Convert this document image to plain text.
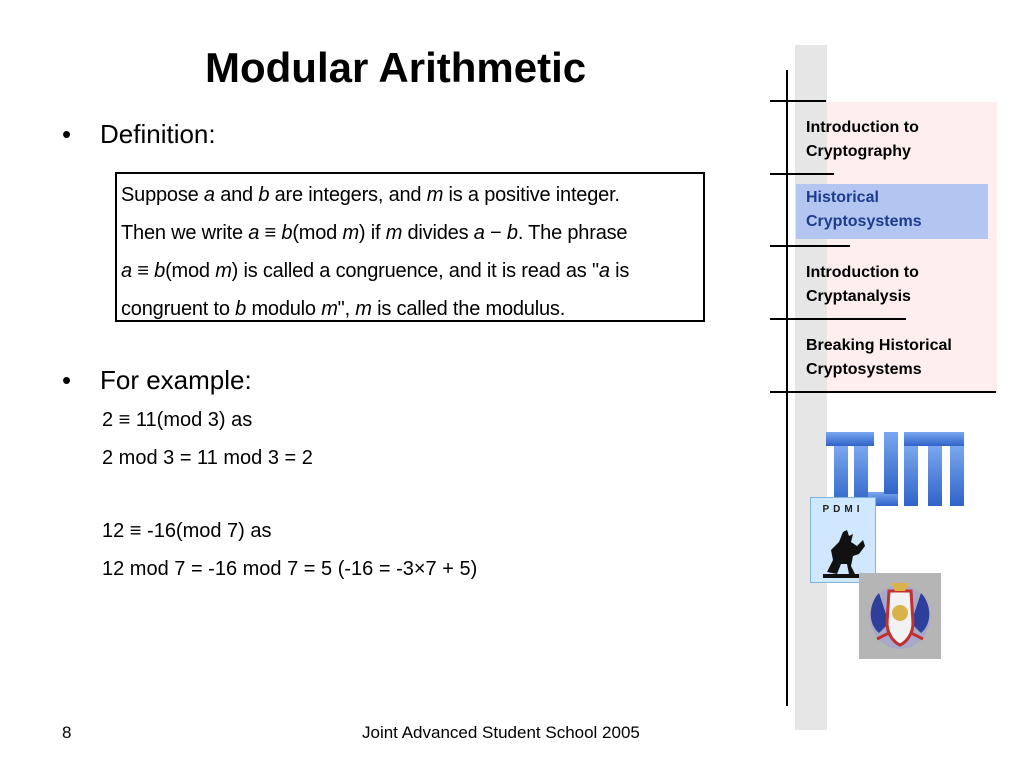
Modular Arithmetic
• Definition:
Suppose a and b are integers, and m is a positive integer.
Then we write a ≡ b(mod m) if m divides a − b. The phrase
a ≡ b(mod m) is called a congruence, and it is read as "a is
congruent to b modulo m", m is called the modulus.
• For example:
2 ≡ 11(mod 3) as
2 mod 3 = 11 mod 3 = 2
12 ≡ -16(mod 7) as
12 mod 7 = -16 mod 7 = 5 (-16 = -3×7 + 5)
Introduction to Cryptography
Historical Cryptosystems
Introduction to Cryptanalysis
Breaking Historical Cryptosystems
PDMI
8	Joint Advanced Student School 2005
